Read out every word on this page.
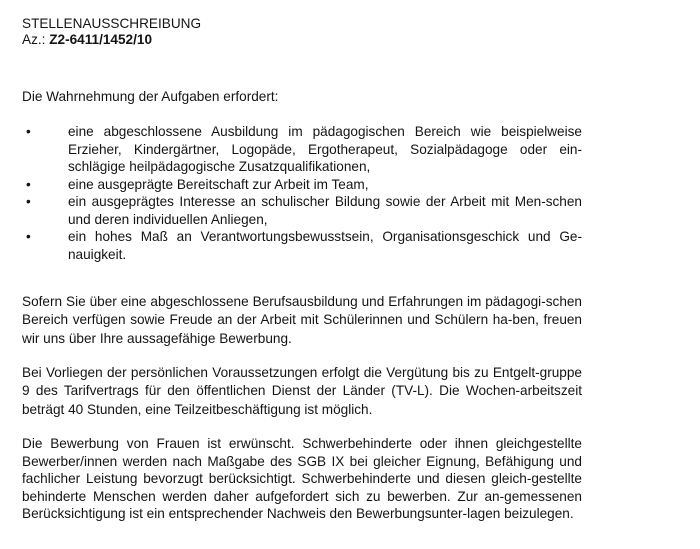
STELLENAUSSCHREIBUNG
Az.: Z2-6411/1452/10
Die Wahrnehmung der Aufgaben erfordert:
•	eine abgeschlossene Ausbildung im pädagogischen Bereich wie beispielweise Erzieher, Kindergärtner, Logopäde, Ergotherapeut, Sozialpädagoge oder ein-schlägige heilpädagogische Zusatzqualifikationen,
•	eine ausgeprägte Bereitschaft zur Arbeit im Team,
•	ein ausgeprägtes Interesse an schulischer Bildung sowie der Arbeit mit Men-schen und deren individuellen Anliegen,
•	ein hohes Maß an Verantwortungsbewusstsein, Organisationsgeschick und Ge-nauigkeit.

Sofern Sie über eine abgeschlossene Berufsausbildung und Erfahrungen im pädagogi-schen Bereich verfügen sowie Freude an der Arbeit mit Schülerinnen und Schülern ha-ben, freuen wir uns über Ihre aussagefähige Bewerbung.

Bei Vorliegen der persönlichen Voraussetzungen erfolgt die Vergütung bis zu Entgelt-gruppe 9 des Tarifvertrags für den öffentlichen Dienst der Länder (TV-L). Die Wochen-arbeitszeit beträgt 40 Stunden, eine Teilzeitbeschäftigung ist möglich.

Die Bewerbung von Frauen ist erwünscht. Schwerbehinderte oder ihnen gleichgestellte Bewerber/innen werden nach Maßgabe des SGB IX bei gleicher Eignung, Befähigung und fachlicher Leistung bevorzugt berücksichtigt. Schwerbehinderte und diesen gleich-gestellte behinderte Menschen werden daher aufgefordert sich zu bewerben. Zur an-gemessenen Berücksichtigung ist ein entsprechender Nachweis den Bewerbungsunter-lagen beizulegen.
